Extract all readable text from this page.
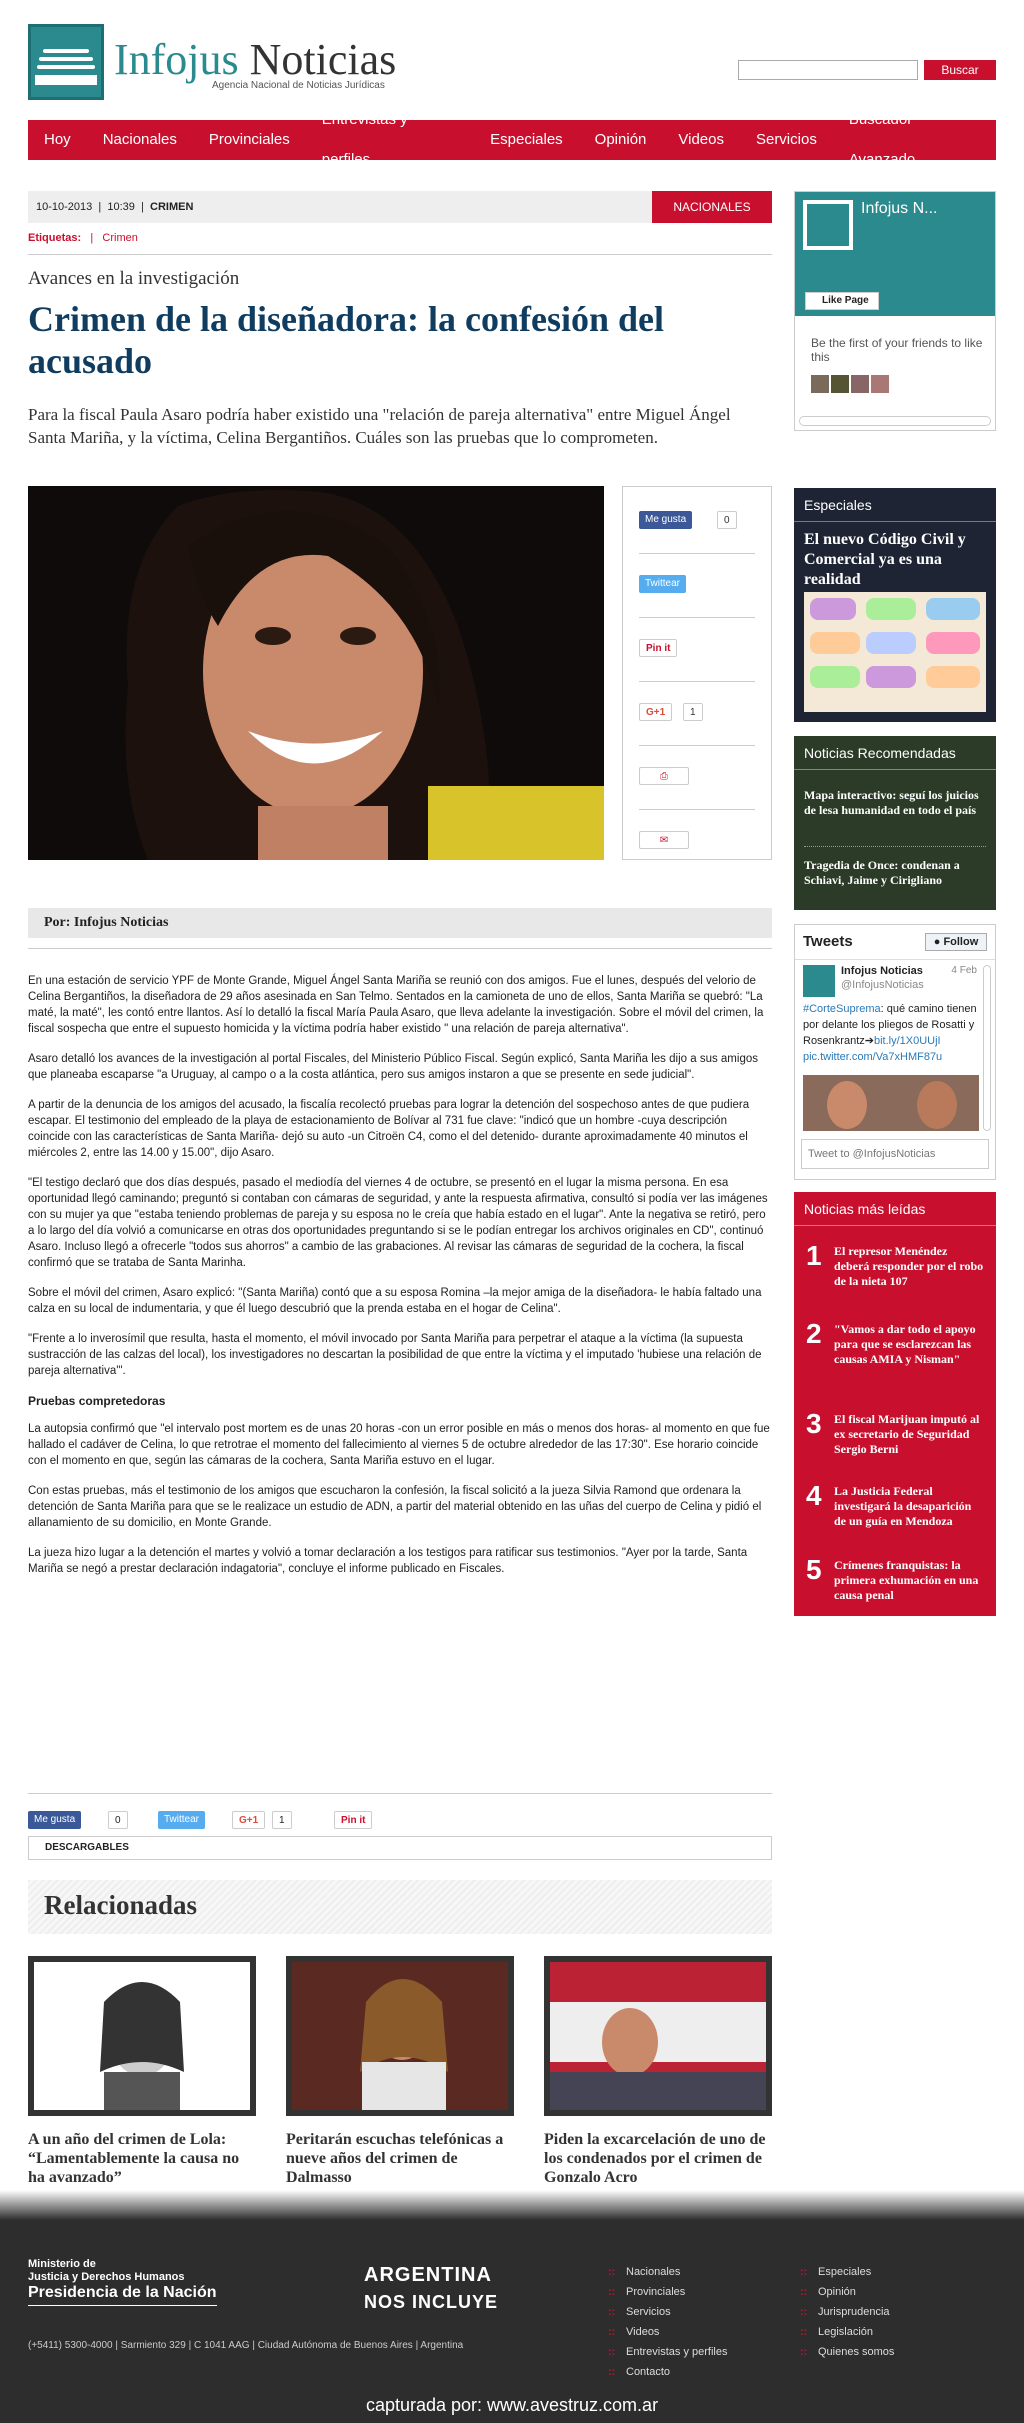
Infojus Noticias
Agencia Nacional de Noticias Jurídicas
Buscar
Hoy	Nacionales	Provinciales
Entrevistas y perfiles
Especiales	Opinión	Videos	Servicios
Buscador Avanzado
10-10-2013  |  10:39  |  CRIMEN	NACIONALES
Etiquetas:   |   Crimen
Avances en la investigación
Crimen de la diseñadora: la confesión del acusado
Para la fiscal Paula Asaro podría haber existido una "relación de pareja alternativa" entre Miguel Ángel Santa Mariña, y la víctima, Celina Bergantiños. Cuáles son las pruebas que lo comprometen.
Me gusta	0
Twittear
Pin it
G+1	1
⎙
✉
Por: Infojus Noticias

En una estación de servicio YPF de Monte Grande, Miguel Ángel Santa Mariña se reunió con dos amigos. Fue el lunes, después del velorio de Celina Bergantiños, la diseñadora de 29 años asesinada en San Telmo. Sentados en la camioneta de uno de ellos, Santa Mariña se quebró: "La maté, la maté", les contó entre llantos. Así lo detalló la fiscal María Paula Asaro, que lleva adelante la investigación. Sobre el móvil del crimen, la fiscal sospecha que entre el supuesto homicida y la víctima podría haber existido " una relación de pareja alternativa".

Asaro detalló los avances de la investigación al portal Fiscales, del Ministerio Público Fiscal. Según explicó, Santa Mariña les dijo a sus amigos que planeaba escaparse "a Uruguay, al campo o a la costa atlántica, pero sus amigos instaron a que se presente en sede judicial".

A partir de la denuncia de los amigos del acusado, la fiscalía recolectó pruebas para lograr la detención del sospechoso antes de que pudiera escapar. El testimonio del empleado de la playa de estacionamiento de Bolívar al 731 fue clave: "indicó que un hombre -cuya descripción coincide con las características de Santa Mariña- dejó su auto -un Citroën C4, como el del detenido- durante aproximadamente 40 minutos el miércoles 2, entre las 14.00 y 15.00", dijo Asaro.

"El testigo declaró que dos días después, pasado el mediodía del viernes 4 de octubre, se presentó en el lugar la misma persona. En esa oportunidad llegó caminando; preguntó si contaban con cámaras de seguridad, y ante la respuesta afirmativa, consultó si podía ver las imágenes con su mujer ya que "estaba teniendo problemas de pareja y su esposa no le creía que había estado en el lugar". Ante la negativa se retiró, pero a lo largo del día volvió a comunicarse en otras dos oportunidades preguntando si se le podían entregar los archivos originales en CD", continuó Asaro. Incluso llegó a ofrecerle "todos sus ahorros" a cambio de las grabaciones. Al revisar las cámaras de seguridad de la cochera, la fiscal confirmó que se trataba de Santa Marinha.

Sobre el móvil del crimen, Asaro explicó: "(Santa Mariña) contó que a su esposa Romina –la mejor amiga de la diseñadora- le había faltado una calza en su local de indumentaria, y que él luego descubrió que la prenda estaba en el hogar de Celina".

"Frente a lo inverosímil que resulta, hasta el momento, el móvil invocado por Santa Mariña para perpetrar el ataque a la víctima (la supuesta sustracción de las calzas del local), los investigadores no descartan la posibilidad de que entre la víctima y el imputado 'hubiese una relación de pareja alternativa'".

Pruebas compretedoras

La autopsia confirmó que "el intervalo post mortem es de unas 20 horas -con un error posible en más o menos dos horas- al momento en que fue hallado el cadáver de Celina, lo que retrotrae el momento del fallecimiento al viernes 5 de octubre alrededor de las 17:30". Ese horario coincide con el momento en que, según las cámaras de la cochera, Santa Mariña estuvo en el lugar.

Con estas pruebas, más el testimonio de los amigos que escucharon la confesión, la fiscal solicitó a la jueza Silvia Ramond que ordenara la detención de Santa Mariña para que se le realizace un estudio de ADN, a partir del material obtenido en las uñas del cuerpo de Celina y pidió el allanamiento de su domicilio, en Monte Grande.

La jueza hizo lugar a la detención el martes y volvió a tomar declaración a los testigos para ratificar sus testimonios. "Ayer por la tarde, Santa Mariña se negó a prestar declaración indagatoria", concluye el informe publicado en Fiscales.

Me gusta	0	Twittear	G+1	1	Pin it
DESCARGABLES
Relacionadas
A un año del crimen de Lola: “Lamentablemente la causa no ha avanzado”
Peritarán escuchas telefónicas a nueve años del crimen de Dalmasso
Piden la excarcelación de uno de los condenados por el crimen de Gonzalo Acro
Infojus N...
Like Page
Be the first of your friends to like this
Especiales
El nuevo Código Civil y Comercial ya es una realidad
Noticias Recomendadas
Mapa interactivo: seguí los juicios de lesa humanidad en todo el país
Tragedia de Once: condenan a Schiavi, Jaime y Cirigliano
Tweets	● Follow
Infojus Noticias
@InfojusNoticias
4 Feb
#CorteSuprema: qué camino tienen por delante los pliegos de Rosatti y Rosenkrantz➔bit.ly/1X0UUjI pic.twitter.com/Va7xHMF87u
Tweet to @InfojusNoticias
Noticias más leídas
1	El represor Menéndez deberá responder por el robo de la nieta 107
2	"Vamos a dar todo el apoyo para que se esclarezcan las causas AMIA y Nisman"
3	El fiscal Marijuan imputó al ex secretario de Seguridad Sergio Berni
4	La Justicia Federal investigará la desaparición de un guía en Mendoza
5	Crímenes franquistas: la primera exhumación en una causa penal
Ministerio de
Justicia y Derechos Humanos
Presidencia de la Nación
ARGENTINA
NOS INCLUYE
(+5411) 5300-4000 | Sarmiento 329 | C 1041 AAG | Ciudad Autónoma de Buenos Aires | Argentina
:: Nacionales
:: Provinciales
:: Servicios
:: Videos
:: Entrevistas y perfiles
:: Contacto
:: Especiales
:: Opinión
:: Jurisprudencia
:: Legislación
:: Quienes somos
capturada por: www.avestruz.com.ar
